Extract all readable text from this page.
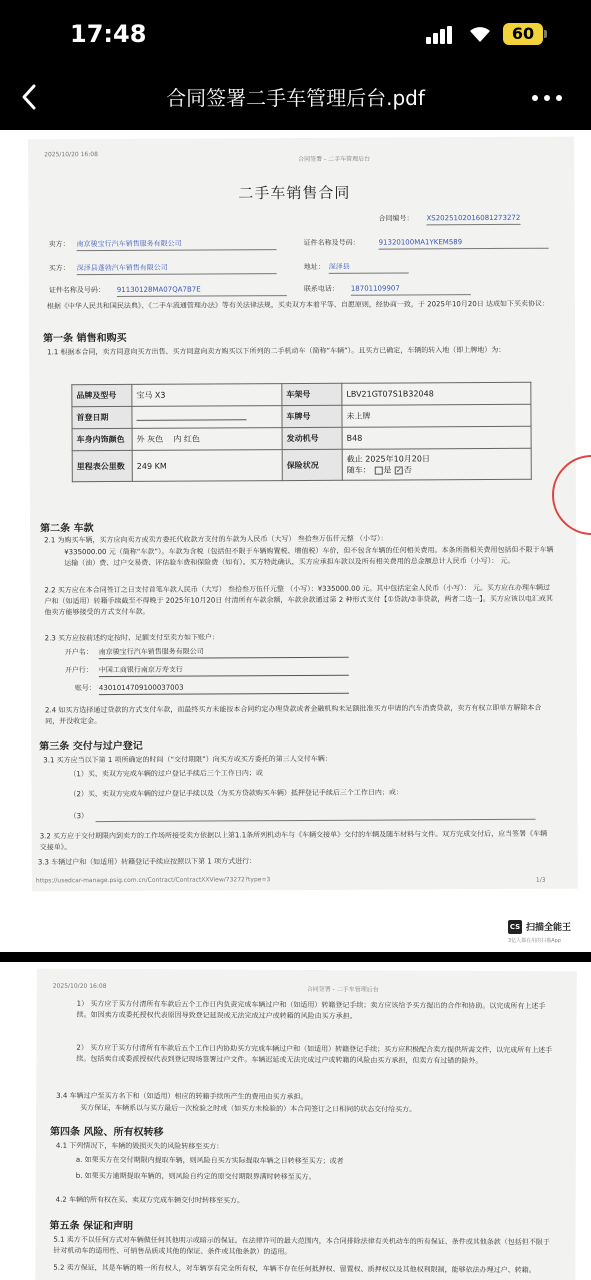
17:48	60
合同签署二手车管理后台.pdf
2025/10/20 16:08
合同签署 - 二手车管理后台
二手车销售合同
合同编号： XS20251020160812732​72
卖方： 南京骏宝行汽车销售服务有限公司	证件名称及号码：	91320100MA1YKEM589
买方： 深泽县蓬勃汽车销售有限公司	地址： 深泽县
证件名称及号码： 91130128MA07QA7B7E	联系电话： 18701109907
根据《中华人民共和国民法典》、《二手车流通管理办法》等有关法律法规，买卖双方本着平等、自愿原则，经协商一致，于 2025年10月20日 达成如下买卖协议：
第一条 销售和购买
1.1 根据本合同，卖方同意向买方出售、买方同意向卖方购买以下所列的二手机动车（简称“车辆”）。且买方已确定，车辆的转入地（即上牌地）为：
品牌及型号	宝马 X3	车架号	LBV21GT07S1B32048
首登日期		车牌号	未上牌
车身内饰颜色	外 灰色 内 红色	发动机号	B48
里程表公里数	249 KM	保险状况	截止 2025年10月20日
随车： 是 ✓ 否
第二条 车款
2.1 为购买车辆，买方应向卖方或卖方委托代收款方支付的车款为人民币（大写） 叁拾叁万伍仟元整 （小写）：
¥335000.00 元（简称“车款”）。车款为含税（包括但不限于车辆购置税、增值税）车价，但不包含车辆的任何相关费用。本条所指相关费用包括但不限于车辆运输（油）费、过户交易费、评估验车费和保险费（如有）。买方特此确认，买方应承担车款以及所有相关费用的总金额总计人民币（小写）： 元。
2.2 买方应在本合同签订之日支付首笔车款人民币（大写） 叁拾叁万伍仟元整 （小写）：¥335000.00 元。其中包括定金人民币（小写）： 元。买方应在办理车辆过户和（如适用）转籍手续截至不得晚于 2025年10月20日 付清所有车款余额，车款余款通过第 2 种形式支付【①贷款/②非贷款，两者二选一】。买方应该以电汇或其他卖方能够接受的方式支付车款。
2.3 买方应按前述约定按时、足额支付至卖方如下账户：
开户名： 南京骏宝行汽车销售服务有限公司
开户行： 中国工商银行南京万寿支行
账号： 4301014709100037003
2.4 如买方选择通过贷款的方式支付车款，而最终买方未能按本合同约定办理贷款或者金融机构未足额批准买方申请的汽车消费贷款，卖方有权立即单方解除本合同，并没收定金。
第三条 交付与过户登记
3.1 买方应当以下第 1 项所确定的时间（“交付期限”）向买方或买方委托的第三人交付车辆：
（1）买、卖双方完成车辆的过户登记手续后三个工作日内；或
（2）买、卖双方完成车辆的过户登记手续以及（为买方贷款购买车辆）抵押登记手续后三个工作日内；或：
（3）
3.2 买方应于交付期限内到卖方的工作场所接受卖方依据以上第1.1条所列机动车与《车辆交接单》交付的车辆及随车材料与文件。双方完成交付后，应当签署《车辆交接单》。
3.3 车辆过户和（如适用）转籍登记手续应按照以下第 1 项方式进行：
https://usedcar-manage.psig.com.cn/Contract/ContractXXView/73272?type=3	1/3
CS 扫描全能王
3亿人都在用的扫描App
2025/10/20 16:08	合同签署 - 二手车管理后台
1） 买方应于买方付清所有车款后五个工作日内负责完成车辆过户和（如适用）转籍登记手续；卖方应该给予买方提出的合作和协助。以完成所有上述手续。如因卖方或委托授权代表原因导致登记延误或无法完成过户或转籍的风险由买方承担。
2） 买方应于买方付清所有车款后五个工作日内协助买方完成车辆过户和（如适用）转籍登记手续；买方应积极配合卖方提供所需文件，以完成所有上述手续。包括卖自或委派授权代表到登记现场签署过户文件。车辆迟延或无法完成过户或转籍的风险由买方承担，但卖方有过错的除外。
3.4 车辆过户至买方名下和（如适用）相应的转籍手续所产生的费用由买方承担。
买方保证，车辆系以与买方最后一次检验之时或（如买方未检验的）本合同签订之日相同的状态交付给买方。
第四条 风险、所有权转移
4.1 下列情况下，车辆的毁损灭失的风险转移至买方：
a. 如果买方在交付期限内提取车辆，则风险自买方实际提取车辆之日转移至买方；或者
b. 如果买方逾期提取车辆的，则风险自约定的原交付期限界满时转移至买方。
4.2 车辆的所有权在买、卖双方完成车辆交付时转移至买方。
第五条 保证和声明
5.1 卖方不以任何方式对车辆做任何其他明示或暗示的保证。在法律许可的最大范围内，本合同排除法律有关机动车的所有保证、条件或其他条款（包括但不限于针对机动车的适用性、可销售品质或其他的保证、条件或其他条款）的适用。
5.2 卖方保证，其是车辆的唯一所有权人，对车辆享有完全所有权，车辆不存在任何抵押权、留置权、质押权以及其他权利限制，能够依法办理过户、转籍。
